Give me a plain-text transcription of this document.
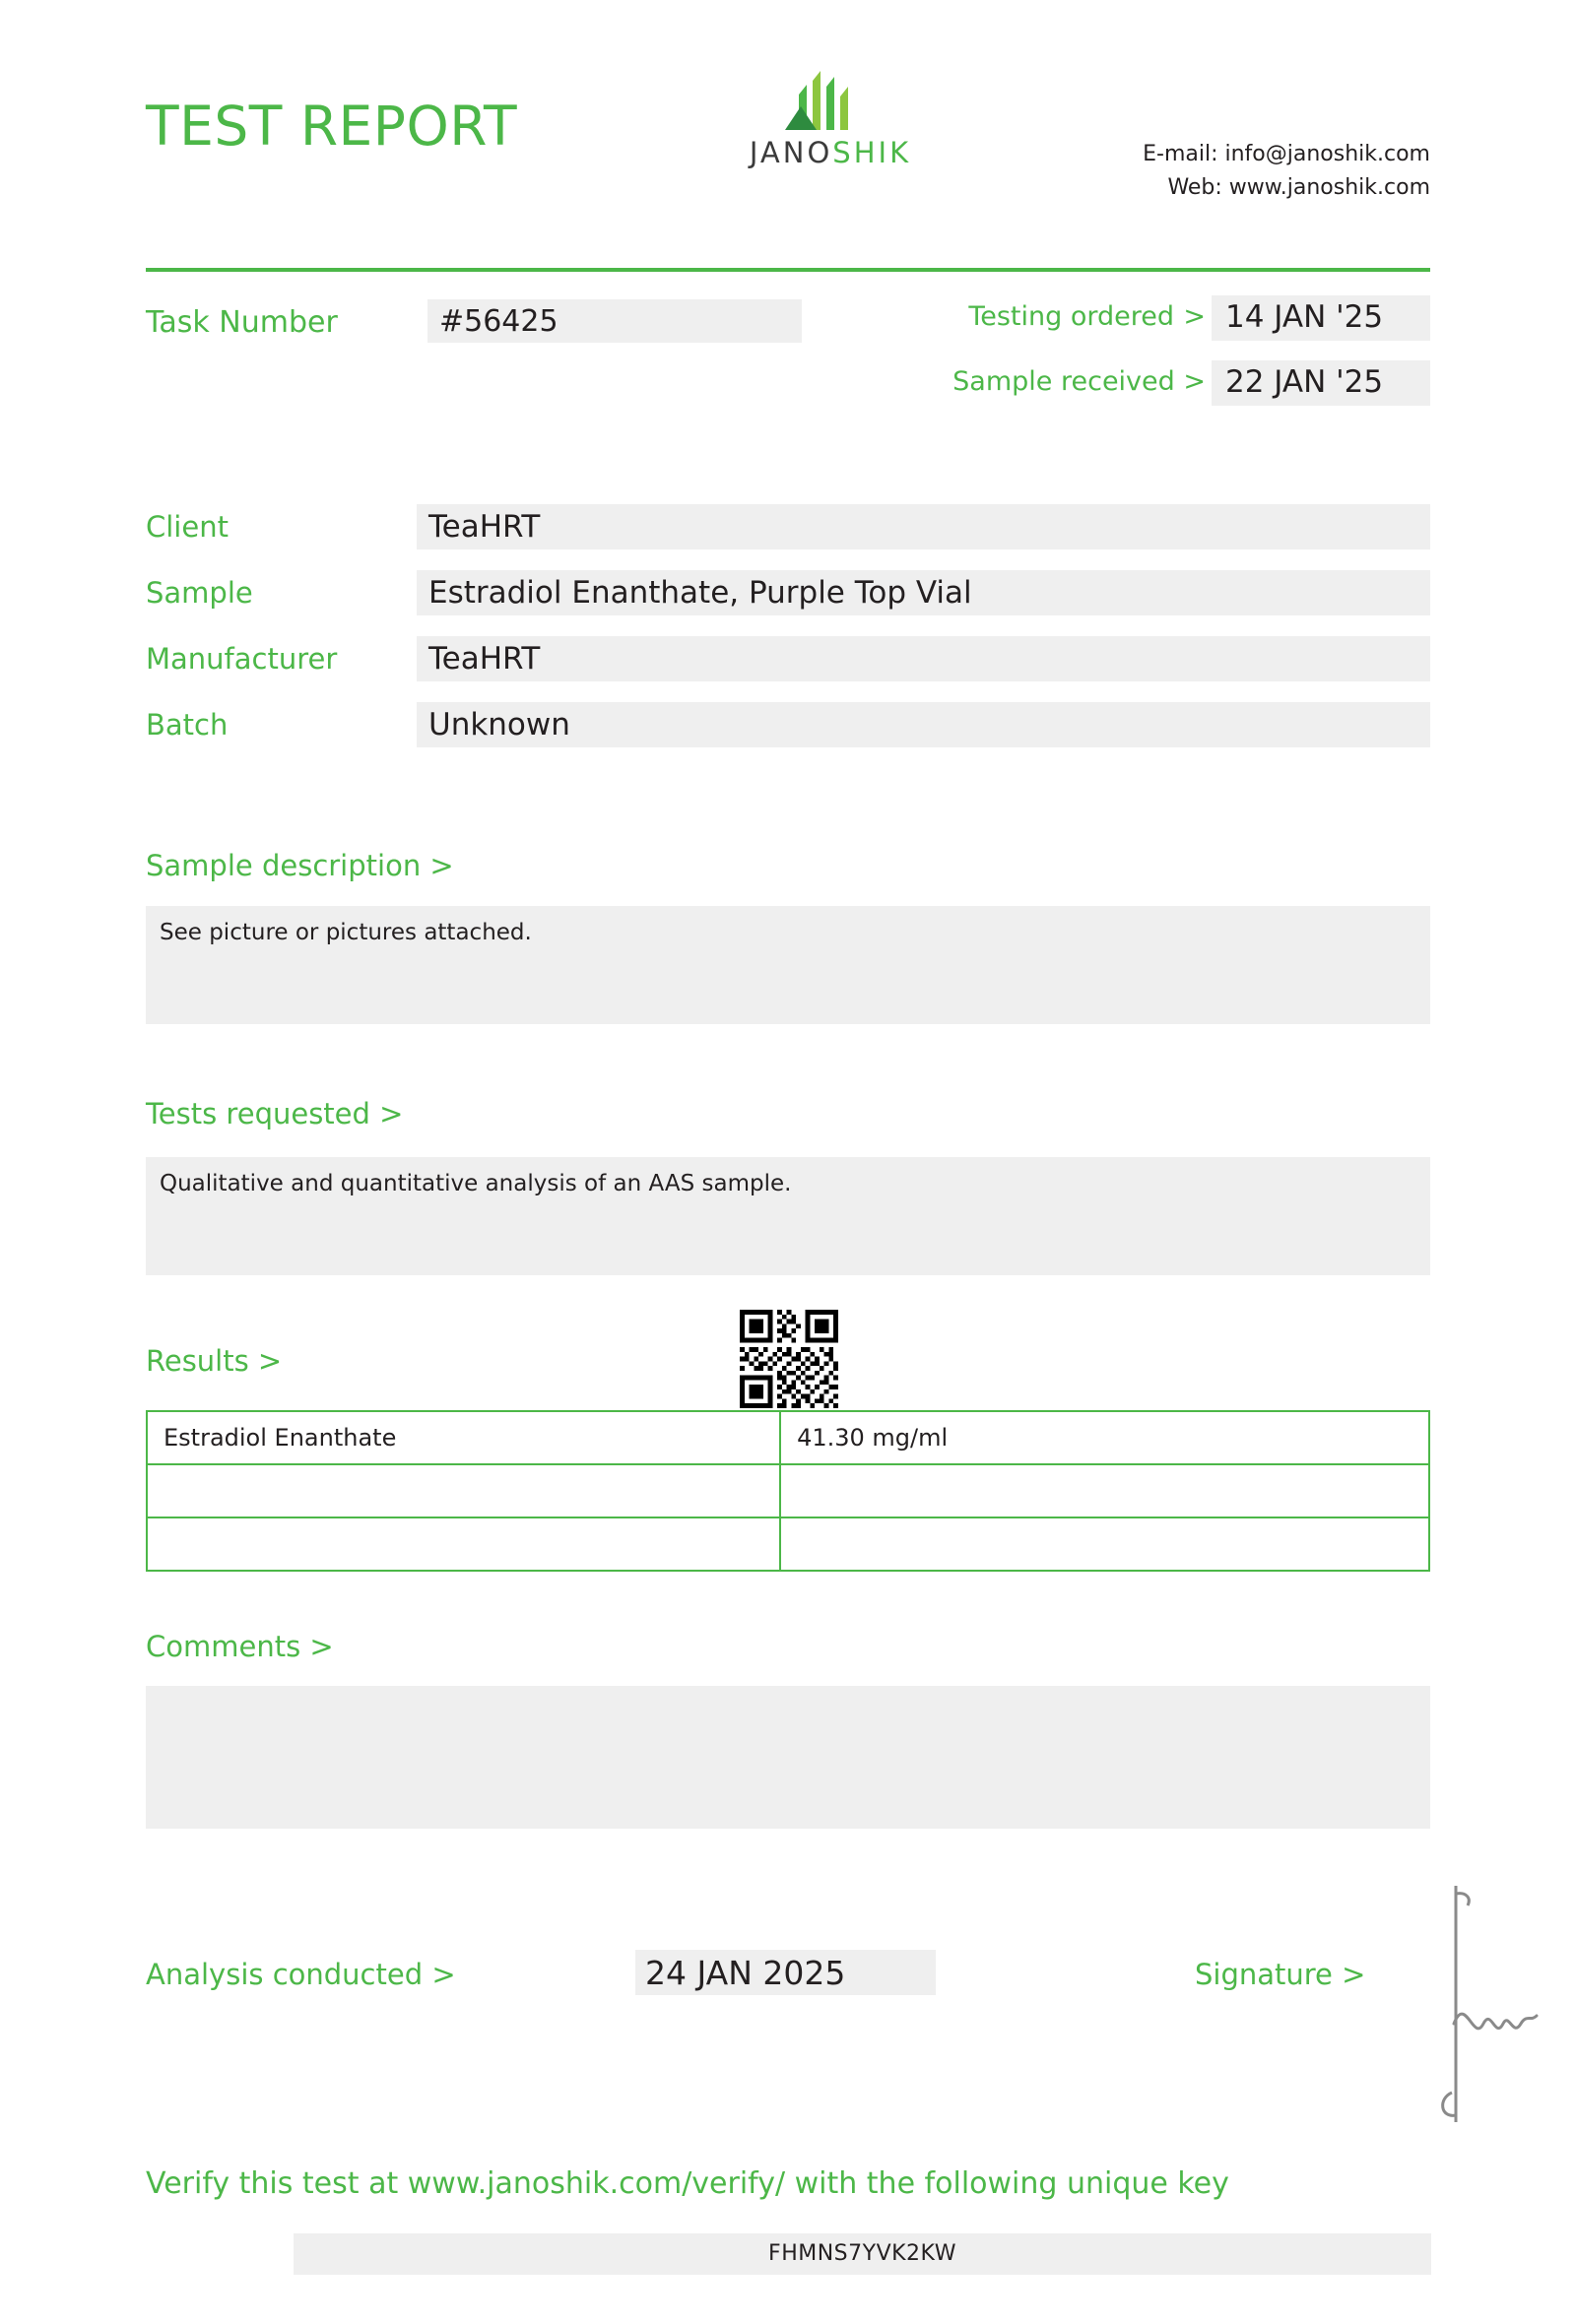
TEST REPORT	JANOSHIK	E-mail: info@janoshik.com
Web: www.janoshik.com
Task Number	#56425	Testing ordered > 14 JAN '25
Sample received > 22 JAN '25
Client	TeaHRT
Sample	Estradiol Enanthate, Purple Top Vial
Manufacturer	TeaHRT
Batch	Unknown
Sample description >
See picture or pictures attached.
Tests requested >
Qualitative and quantitative analysis of an AAS sample.
Results >
Estradiol Enanthate	41.30 mg/ml

Comments >
Analysis conducted >	24 JAN 2025	Signature >
Verify this test at www.janoshik.com/verify/ with the following unique key
FHMNS7YVK2KW
